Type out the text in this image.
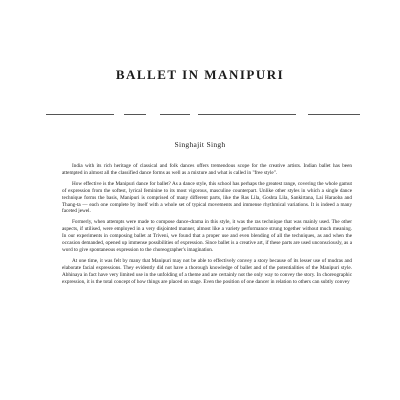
BALLET IN MANIPURI
Singhajit Singh

India with its rich heritage of classical and folk dances offers tremendous scope for the creative artists. Indian ballet has been attempted in almost all the classified dance forms as well as a mixture and what is called in "free style".

How effective is the Manipuri dance for ballet? As a dance style, this school has perhaps the greatest range, covering the whole gamut of expression from the softest, lyrical feminine to its most vigorous, masculine counterpart. Unlike other styles in which a single dance technique forms the basis, Manipuri is comprised of many different parts, like the Ras Lila, Goshta Lila, Sankirtana, Lai Haraoba and Thang-ta — each one complete by itself with a whole set of typical movements and immense rhythmical variations. It is indeed a many faceted jewel.

Formerly, when attempts were made to compose dance-drama in this style, it was the ras technique that was mainly used. The other aspects, if utilised, were employed in a very disjointed manner, almost like a variety performance strung together without much meaning. In our experiments in composing ballet at Triveni, we found that a proper use and even blending of all the techniques, as and when the occasion demanded, opened up immense possibilities of expression. Since ballet is a creative art, if these parts are used unconsciously, as a word to give spontaneous expression to the choreographer's imagination.

At one time, it was felt by many that Manipuri may not be able to effectively convey a story because of its lesser use of mudras and elaborate facial expressions. They evidently did not have a thorough knowledge of ballet and of the potentialities of the Manipuri style. Abhinaya in fact have very limited use in the unfolding of a theme and are certainly not the only way to convey the story. In choreographic expression, it is the total concept of how things are placed on stage. Even the position of one dancer in relation to others can subtly convey
